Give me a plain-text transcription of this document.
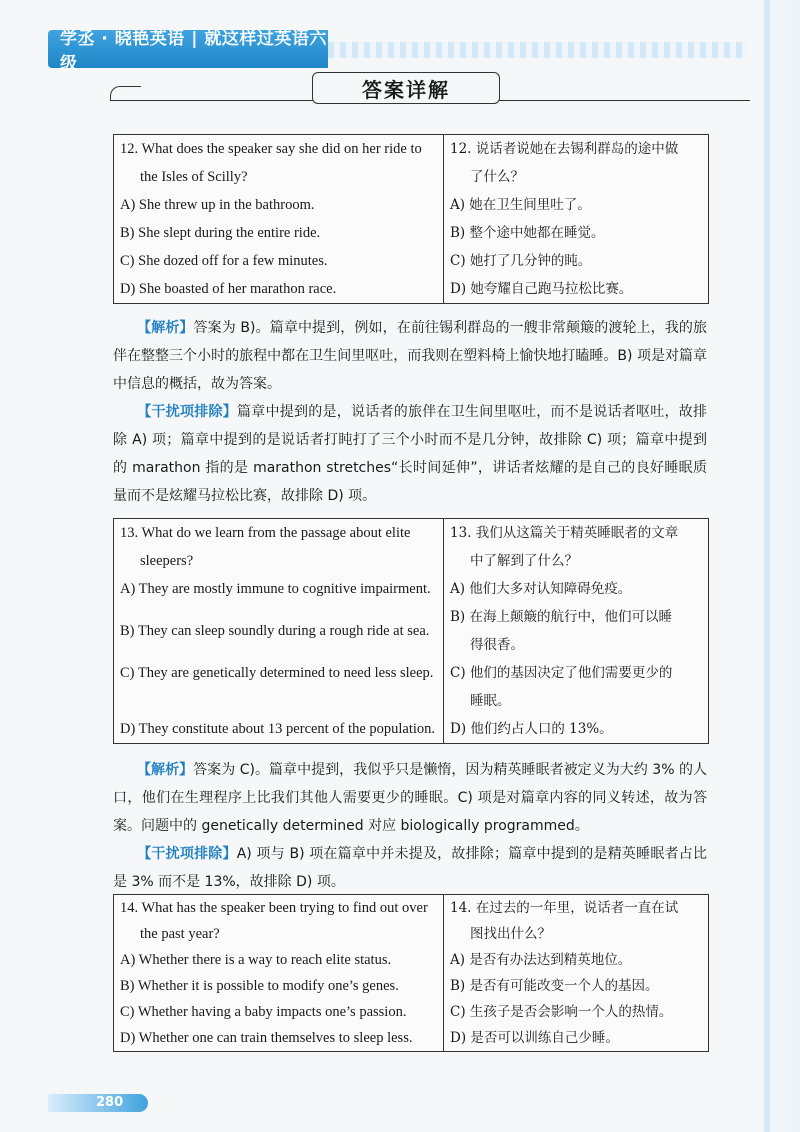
学丞 · 晓艳英语 | 就这样过英语六级
答案详解
12. What does the speaker say she did on her ride to
the Isles of Scilly?
A) She threw up in the bathroom.
B) She slept during the entire ride.
C) She dozed off for a few minutes.
D) She boasted of her marathon race.
12. 说话者说她在去锡利群岛的途中做
了什么？
A) 她在卫生间里吐了。
B) 整个途中她都在睡觉。
C) 她打了几分钟的盹。
D) 她夸耀自己跑马拉松比赛。
【解析】答案为 B)。篇章中提到，例如，在前往锡利群岛的一艘非常颠簸的渡轮上，我的旅伴在整整三个小时的旅程中都在卫生间里呕吐，而我则在塑料椅上愉快地打瞌睡。B) 项是对篇章中信息的概括，故为答案。
【干扰项排除】篇章中提到的是，说话者的旅伴在卫生间里呕吐，而不是说话者呕吐，故排除 A) 项；篇章中提到的是说话者打盹打了三个小时而不是几分钟，故排除 C) 项；篇章中提到的 marathon 指的是 marathon stretches“长时间延伸”，讲话者炫耀的是自己的良好睡眠质量而不是炫耀马拉松比赛，故排除 D) 项。
13. What do we learn from the passage about elite
sleepers?
13. 我们从这篇关于精英睡眠者的文章
中了解到了什么？
A) They are mostly immune to cognitive impairment.	A) 他们大多对认知障碍免疫。
B) They can sleep soundly during a rough ride at sea.
B) 在海上颠簸的航行中，他们可以睡
得很香。
C) They are genetically determined to need less sleep. C) 他们的基因决定了他们需要更少的
睡眠。
D) They constitute about 13 percent of the population. D) 他们约占人口的 13%。
【解析】答案为 C)。篇章中提到，我似乎只是懒惰，因为精英睡眠者被定义为大约 3% 的人口，他们在生理程序上比我们其他人需要更少的睡眠。C) 项是对篇章内容的同义转述，故为答案。问题中的 genetically determined 对应 biologically programmed。
【干扰项排除】A) 项与 B) 项在篇章中并未提及，故排除；篇章中提到的是精英睡眠者占比是 3% 而不是 13%，故排除 D) 项。
14. What has the speaker been trying to find out over
the past year?
A) Whether there is a way to reach elite status.
B) Whether it is possible to modify one’s genes.
C) Whether having a baby impacts one’s passion.
D) Whether one can train themselves to sleep less.
14. 在过去的一年里，说话者一直在试
图找出什么？
A) 是否有办法达到精英地位。
B) 是否有可能改变一个人的基因。
C) 生孩子是否会影响一个人的热情。
D) 是否可以训练自己少睡。
280
